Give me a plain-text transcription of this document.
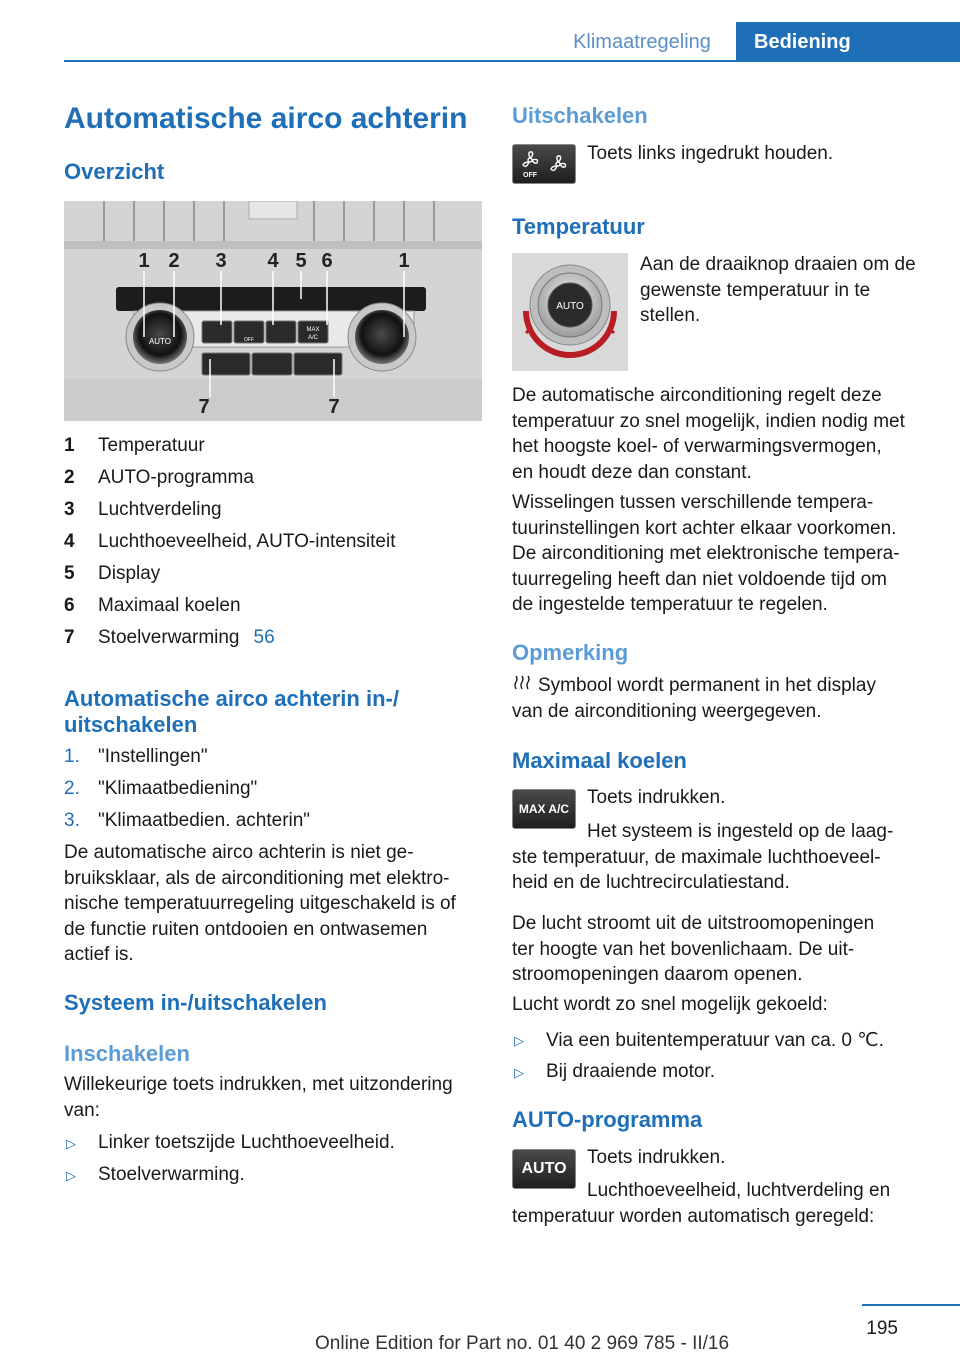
Klimaatregeling	Bediening
Automatische airco achterin
Overzicht
AUTO	OFF
MAX
A/C
1 2 3 4 5 6	1
7	7
1 Temperatuur
2 AUTO-programma
3 Luchtverdeling
4 Luchthoeveelheid, AUTO-intensiteit
5 Display
6 Maximaal koelen
7 Stoelverwarming 56
Automatische airco achterin in-/
uitschakelen
1. "Instellingen"
2. "Klimaatbediening"
3. "Klimaatbedien. achterin"
De automatische airco achterin is niet ge‐
bruiksklaar, als de airconditioning met elektro‐
nische temperatuurregeling uitgeschakeld is of
de functie ruiten ontdooien en ontwasemen
actief is.
Systeem in-/uitschakelen
Inschakelen
Willekeurige toets indrukken, met uitzondering
van:
▷ Linker toetszijde Luchthoeveelheid.
▷ Stoelverwarming.
Uitschakelen
OFF
Toets links ingedrukt houden.
Temperatuur
AUTO
Aan de draaiknop draaien om de
gewenste temperatuur in te
stellen.
De automatische airconditioning regelt deze
temperatuur zo snel mogelijk, indien nodig met
het hoogste koel- of verwarmingsvermogen,
en houdt deze dan constant.
Wisselingen tussen verschillende tempera‐
tuurinstellingen kort achter elkaar voorkomen.
De airconditioning met elektronische tempera‐
tuurregeling heeft dan niet voldoende tijd om
de ingestelde temperatuur te regelen.
Opmerking
Symbool wordt permanent in het display
van de airconditioning weergegeven.
Maximaal koelen
MAX A/C
Toets indrukken.
Het systeem is ingesteld op de laag‐
ste temperatuur, de maximale luchthoeveel‐
heid en de luchtrecirculatiestand.
De lucht stroomt uit de uitstroomopeningen
ter hoogte van het bovenlichaam. De uit‐
stroomopeningen daarom openen.
Lucht wordt zo snel mogelijk gekoeld:
▷ Via een buitentemperatuur van ca. 0 ℃.
▷ Bij draaiende motor.
AUTO-programma
AUTO
Toets indrukken.
Luchthoeveelheid, luchtverdeling en
temperatuur worden automatisch geregeld:
195
Online Edition for Part no. 01 40 2 969 785 - II/16
